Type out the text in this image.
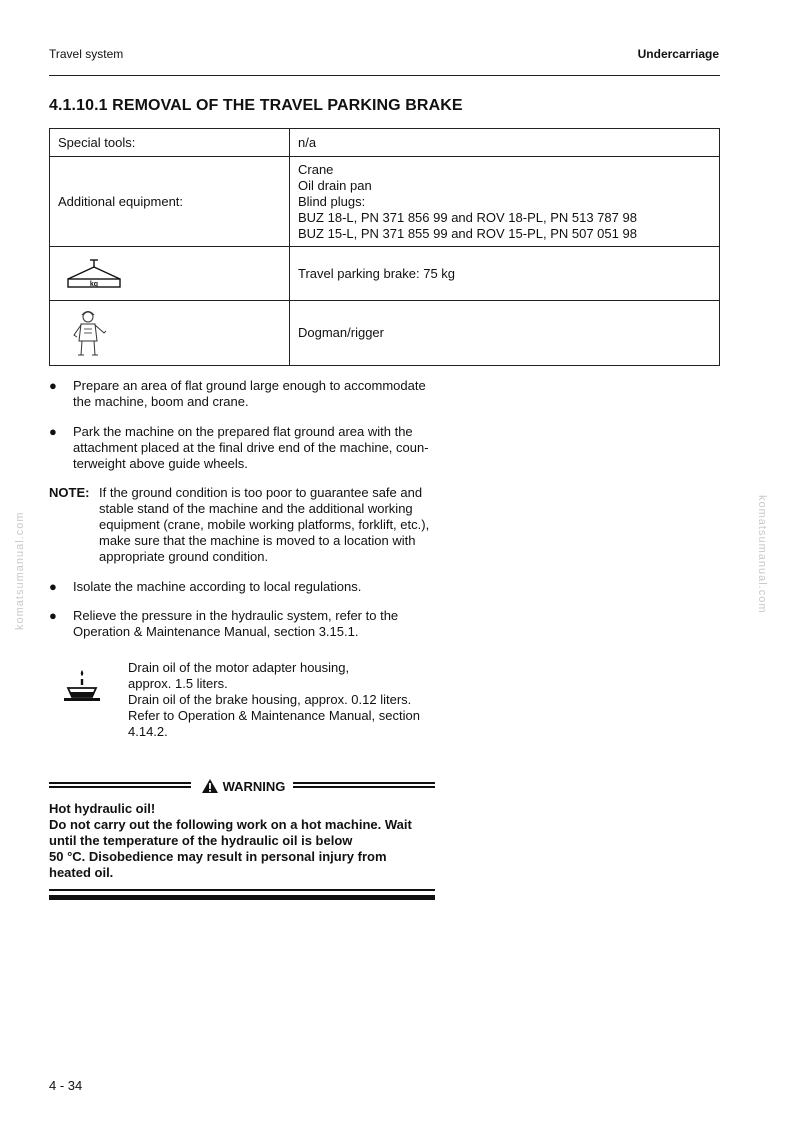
Travel system	Undercarriage
4.1.10.1 REMOVAL OF THE TRAVEL PARKING BRAKE
Special tools:	n/a

Additional equipment:	Crane
Oil drain pan
Blind plugs:
BUZ 18-L, PN 371 856 99 and ROV 18-PL, PN 513 787 98
BUZ 15-L, PN 371 855 99 and ROV 15-PL, PN 507 051 98

kg	Travel parking brake: 75 kg

Dogman/rigger
● Prepare an area of flat ground large enough to accommodate
the machine, boom and crane.
● Park the machine on the prepared flat ground area with the
attachment placed at the final drive end of the machine, coun-
terweight above guide wheels.
NOTE: If the ground condition is too poor to guarantee safe and
stable stand of the machine and the additional working
equipment (crane, mobile working platforms, forklift, etc.),
make sure that the machine is moved to a location with
appropriate ground condition.
● Isolate the machine according to local regulations.
● Relieve the pressure in the hydraulic system, refer to the
Operation & Maintenance Manual, section 3.15.1.
Drain oil of the motor adapter housing,
approx. 1.5 liters.
Drain oil of the brake housing, approx. 0.12 liters.
Refer to Operation & Maintenance Manual, section
4.14.2.
WARNING
Hot hydraulic oil!
Do not carry out the following work on a hot machine. Wait
until the temperature of the hydraulic oil is below
50 °C. Disobedience may result in personal injury from
heated oil.
komatsumanual.com	komatsumanual.com
4 - 34
